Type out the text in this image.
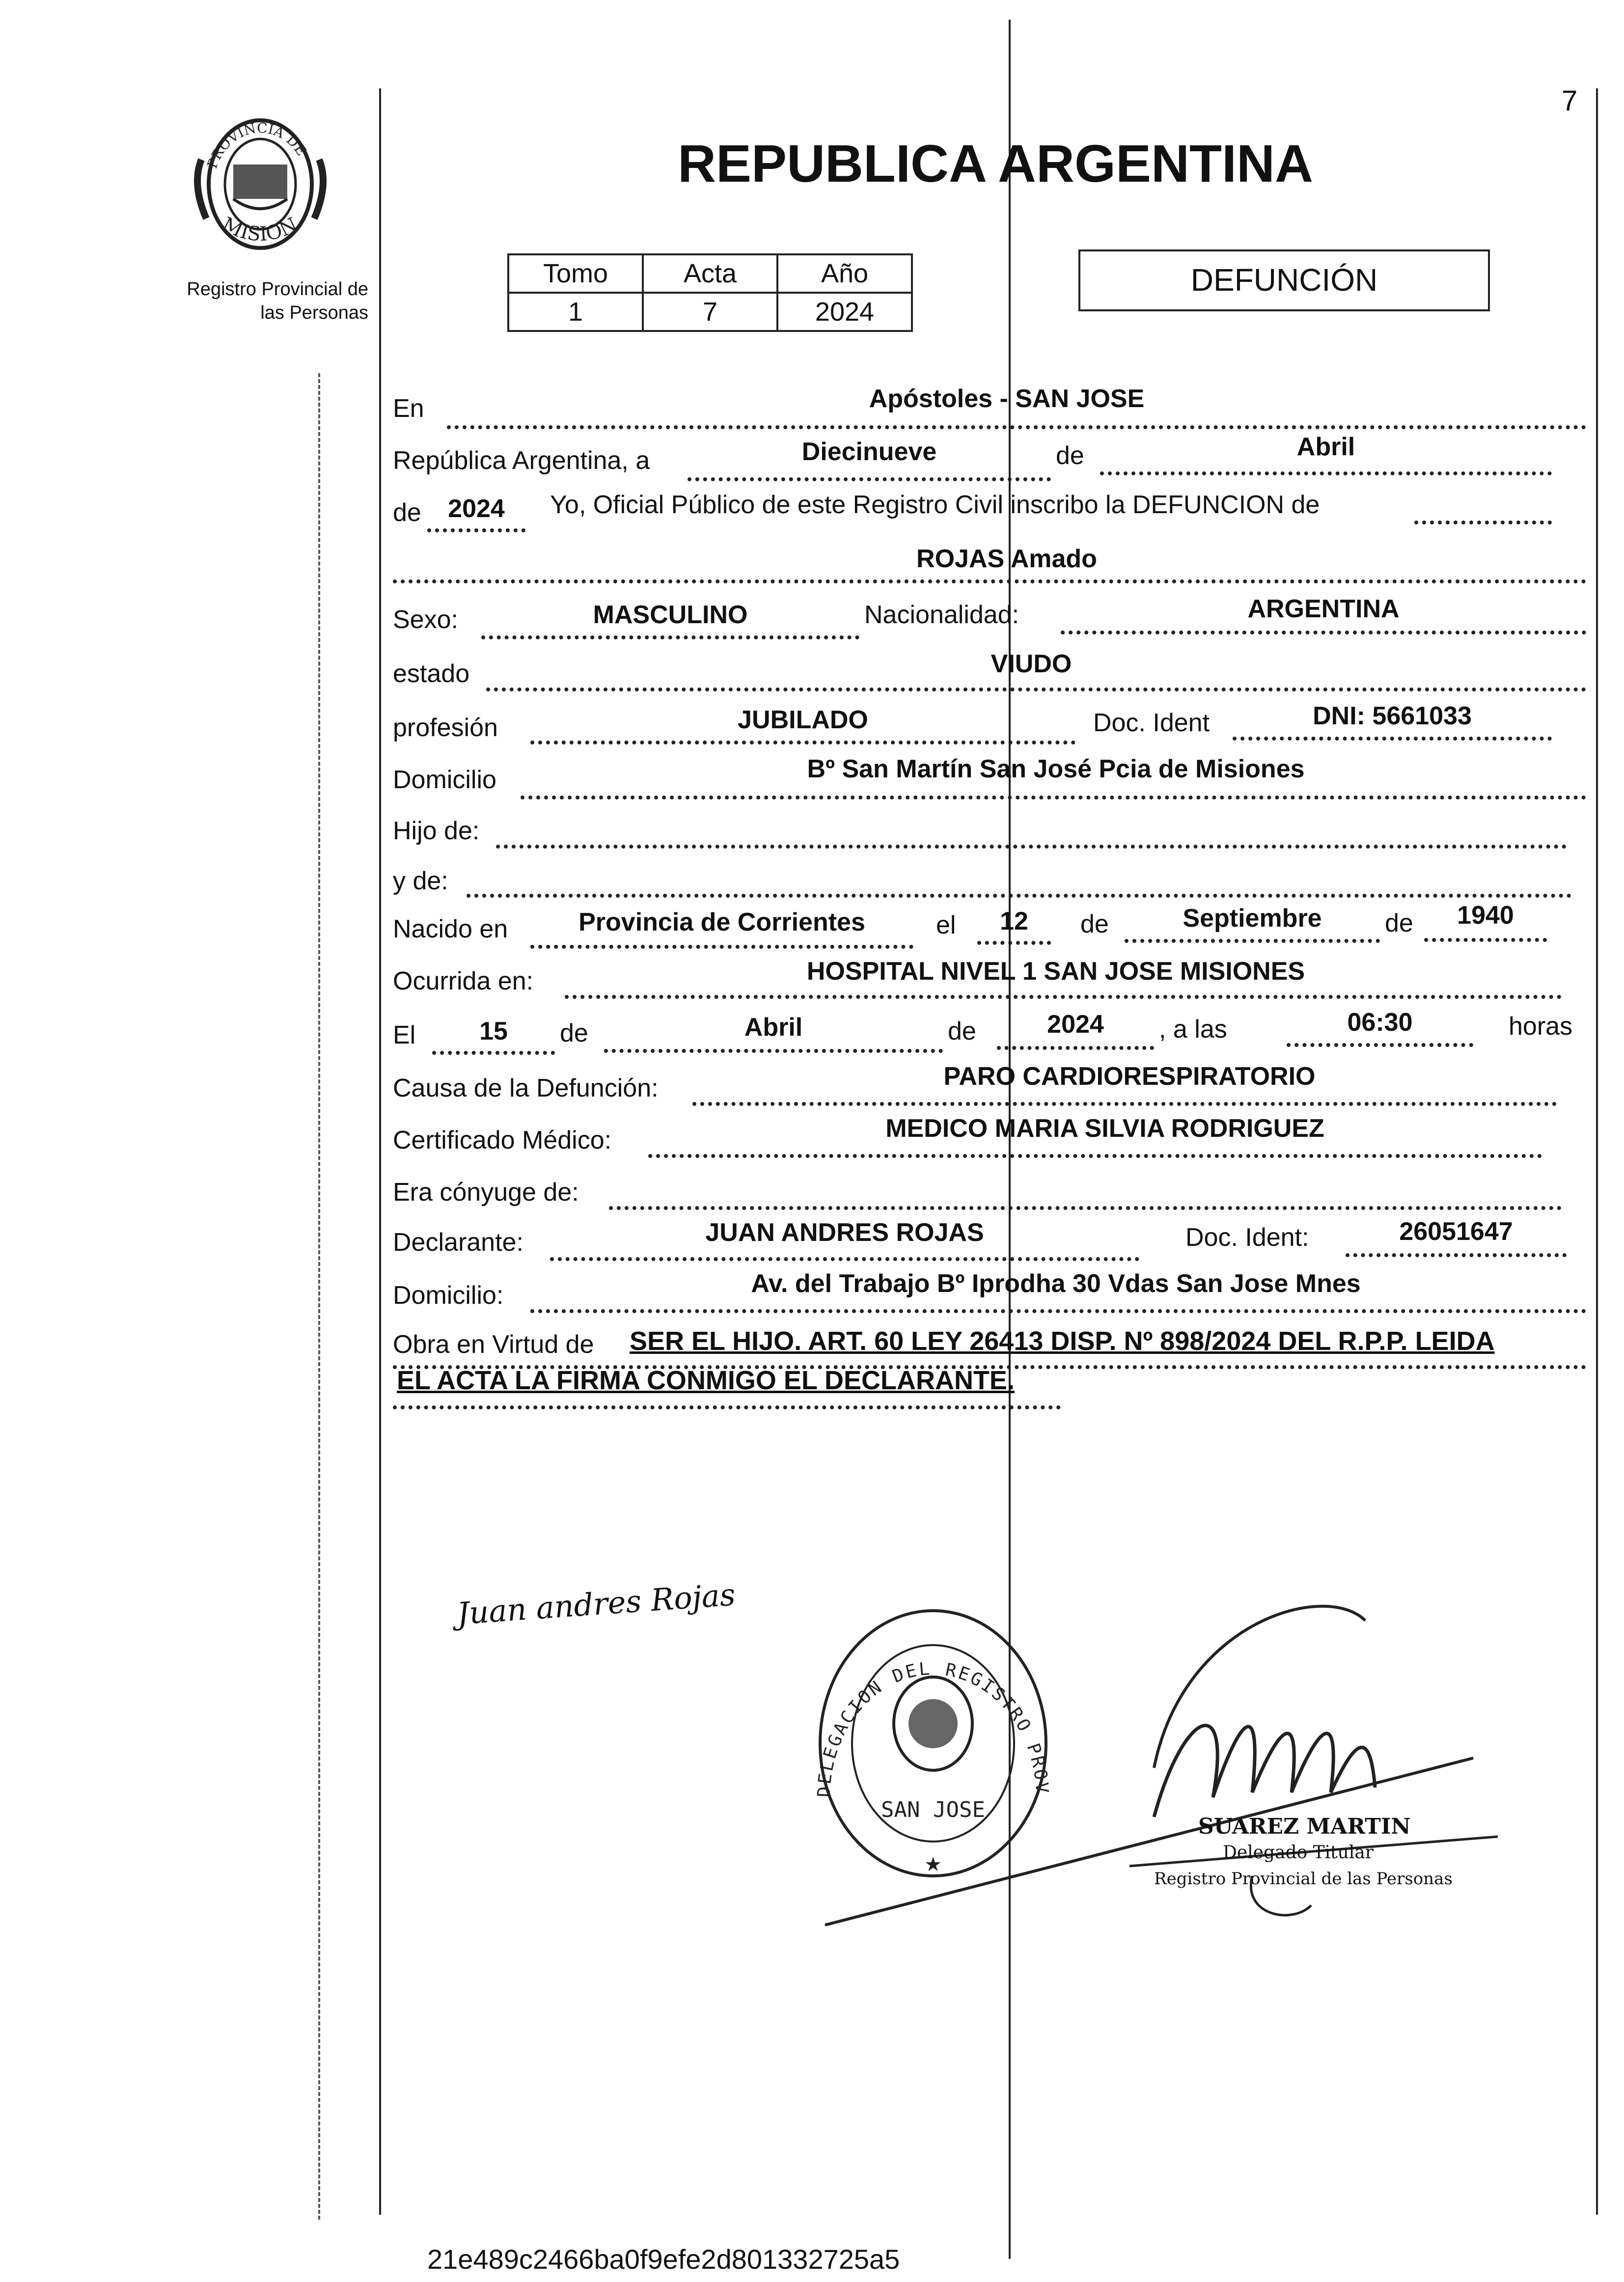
7
PROVINCIA DE
MISION
Registro Provincial de
las Personas
REPUBLICA ARGENTINA
Tomo	Acta	Año
1	7	2024
DEFUNCIÓN
En	Apóstoles - SAN JOSE
República Argentina, a	Diecinueve	de	Abril
de	2024	Yo, Oficial Público de este Registro Civil inscribo la DEFUNCION de
ROJAS Amado
Sexo:	MASCULINO	Nacionalidad:	ARGENTINA
estado	VIUDO
profesión	JUBILADO	Doc. Ident	DNI: 5661033
Domicilio	Bº San Martín San José Pcia de Misiones
Hijo de:
y de:
Nacido en	Provincia de Corrientes	el	12	de	Septiembre	de	1940
Ocurrida en:	HOSPITAL NIVEL 1 SAN JOSE MISIONES
El	15	de	Abril	de	2024	, a las	06:30	horas
Causa de la Defunción:	PARO CARDIORESPIRATORIO
Certificado Médico:	MEDICO MARIA SILVIA RODRIGUEZ
Era cónyuge de:
Declarante:	JUAN ANDRES ROJAS	Doc. Ident:	26051647
Domicilio:	Av. del Trabajo Bº Iprodha 30 Vdas San Jose Mnes
Obra en Virtud de SER EL HIJO. ART. 60 LEY 26413 DISP. Nº 898/2024 DEL R.P.P. LEIDA
EL ACTA LA FIRMA CONMIGO EL DECLARANTE.
Juan andres Rojas
DELEGACION DEL REGISTRO PROV
SAN JOSE
★
SUAREZ MARTIN
Delegado Titular
Registro Provincial de las Personas
21e489c2466ba0f9efe2d801332725a5
